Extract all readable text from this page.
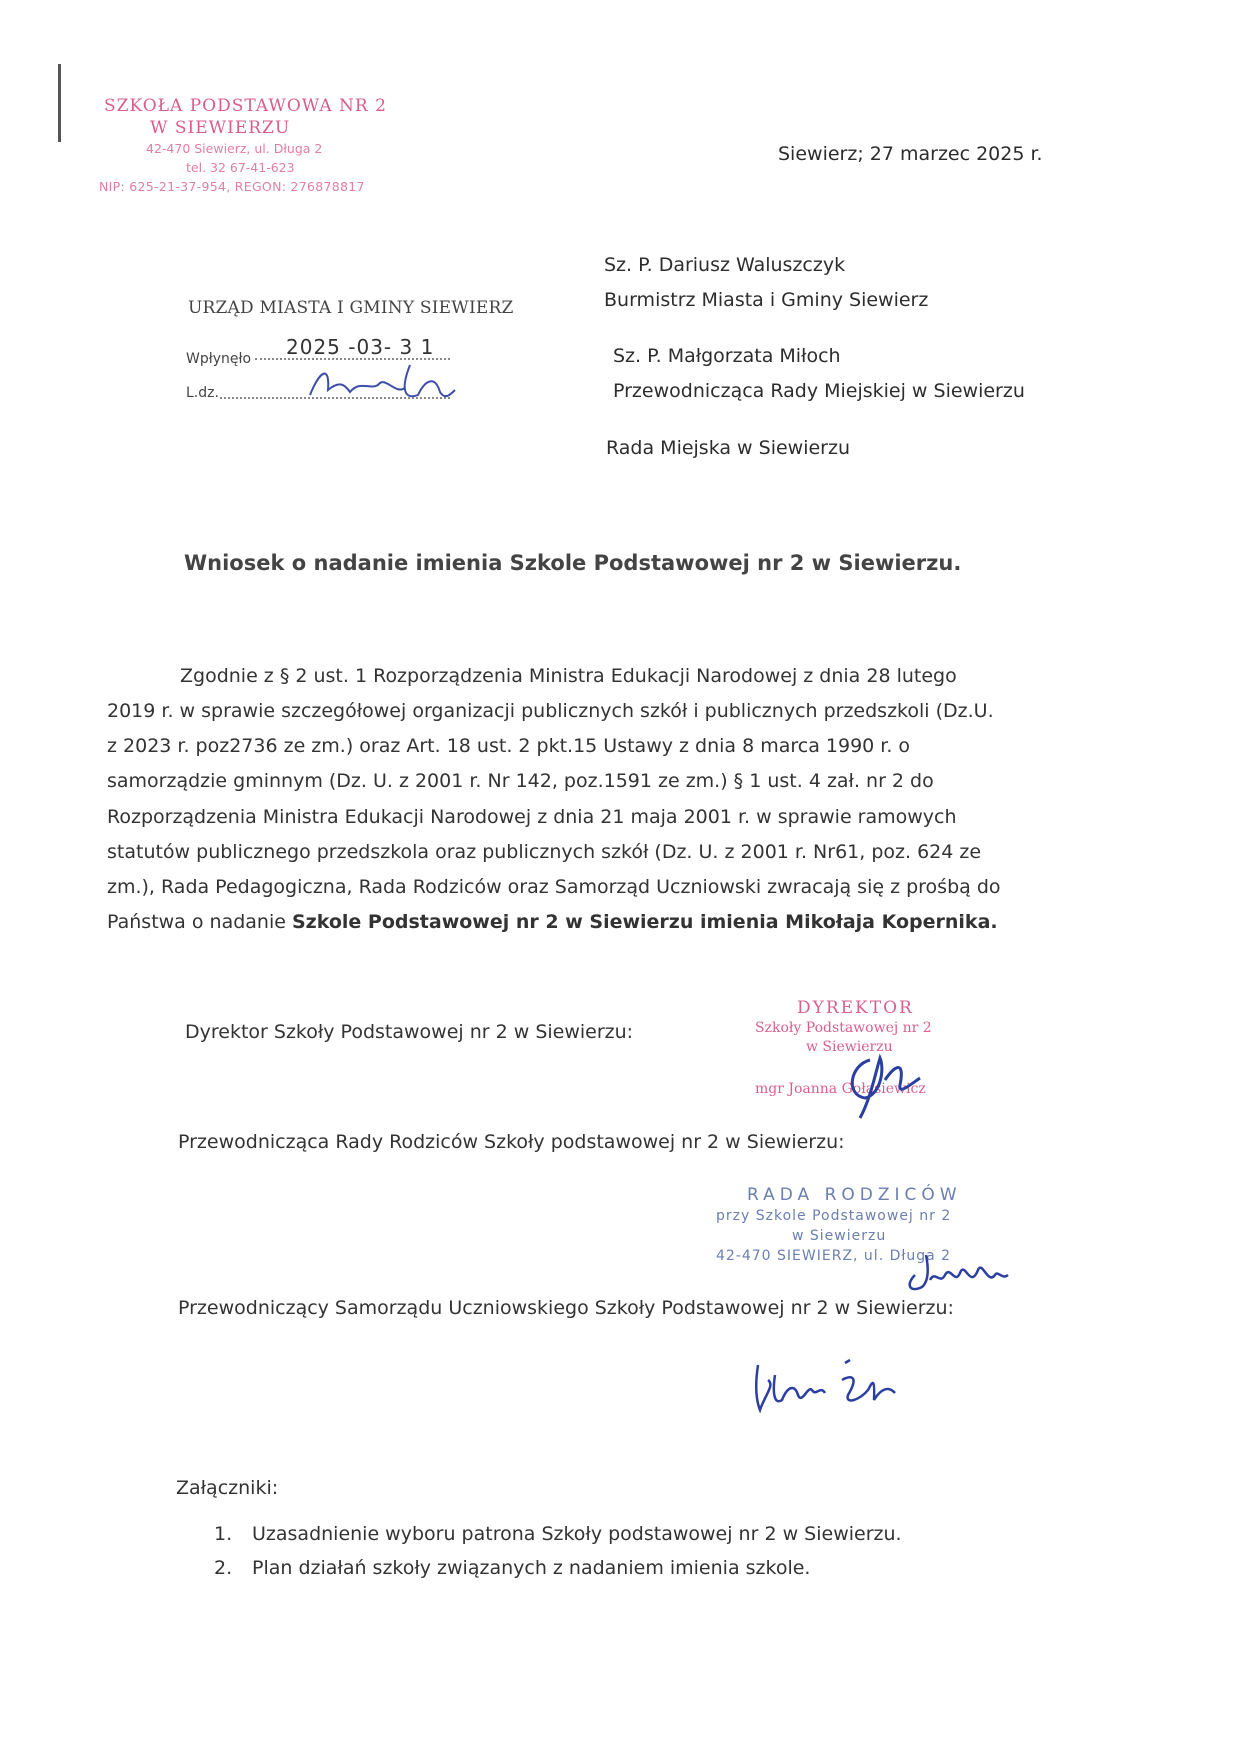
SZKOŁA PODSTAWOWA NR 2
W SIEWIERZU
42-470 Siewierz, ul. Długa 2
tel. 32 67-41-623
NIP: 625-21-37-954, REGON: 276878817
Siewierz; 27 marzec 2025 r.
Sz. P. Dariusz Waluszczyk
Burmistrz Miasta i Gminy Siewierz
Sz. P. Małgorzata Miłoch
Przewodnicząca Rady Miejskiej w Siewierzu
Rada Miejska w Siewierzu
URZĄD MIASTA I GMINY SIEWIERZ
Wpłynęło 2025 -03- 3 1
L.dz.
Wniosek o nadanie imienia Szkole Podstawowej nr 2 w Siewierzu.
Zgodnie z § 2 ust. 1 Rozporządzenia Ministra Edukacji Narodowej z dnia 28 lutego
2019 r. w sprawie szczegółowej organizacji publicznych szkół i publicznych przedszkoli (Dz.U.
z 2023 r. poz2736 ze zm.) oraz Art. 18 ust. 2 pkt.15 Ustawy z dnia 8 marca 1990 r. o
samorządzie gminnym (Dz. U. z 2001 r. Nr 142, poz.1591 ze zm.) § 1 ust. 4 zał. nr 2 do
Rozporządzenia Ministra Edukacji Narodowej z dnia 21 maja 2001 r. w sprawie ramowych
statutów publicznego przedszkola oraz publicznych szkół (Dz. U. z 2001 r. Nr61, poz. 624 ze
zm.), Rada Pedagogiczna, Rada Rodziców oraz Samorząd Uczniowski zwracają się z prośbą do
Państwa o nadanie Szkole Podstawowej nr 2 w Siewierzu imienia Mikołaja Kopernika.
Dyrektor Szkoły Podstawowej nr 2 w Siewierzu:
Przewodnicząca Rady Rodziców Szkoły podstawowej nr 2 w Siewierzu:
Przewodniczący Samorządu Uczniowskiego Szkoły Podstawowej nr 2 w Siewierzu:
DYREKTOR
Szkoły Podstawowej nr 2
w Siewierzu
mgr Joanna Gołasiewicz
RADA RODZICÓW
przy Szkole Podstawowej nr 2
w Siewierzu
42-470 SIEWIERZ, ul. Długa 2
Załączniki:
1. Uzasadnienie wyboru patrona Szkoły podstawowej nr 2 w Siewierzu.
2. Plan działań szkoły związanych z nadaniem imienia szkole.
